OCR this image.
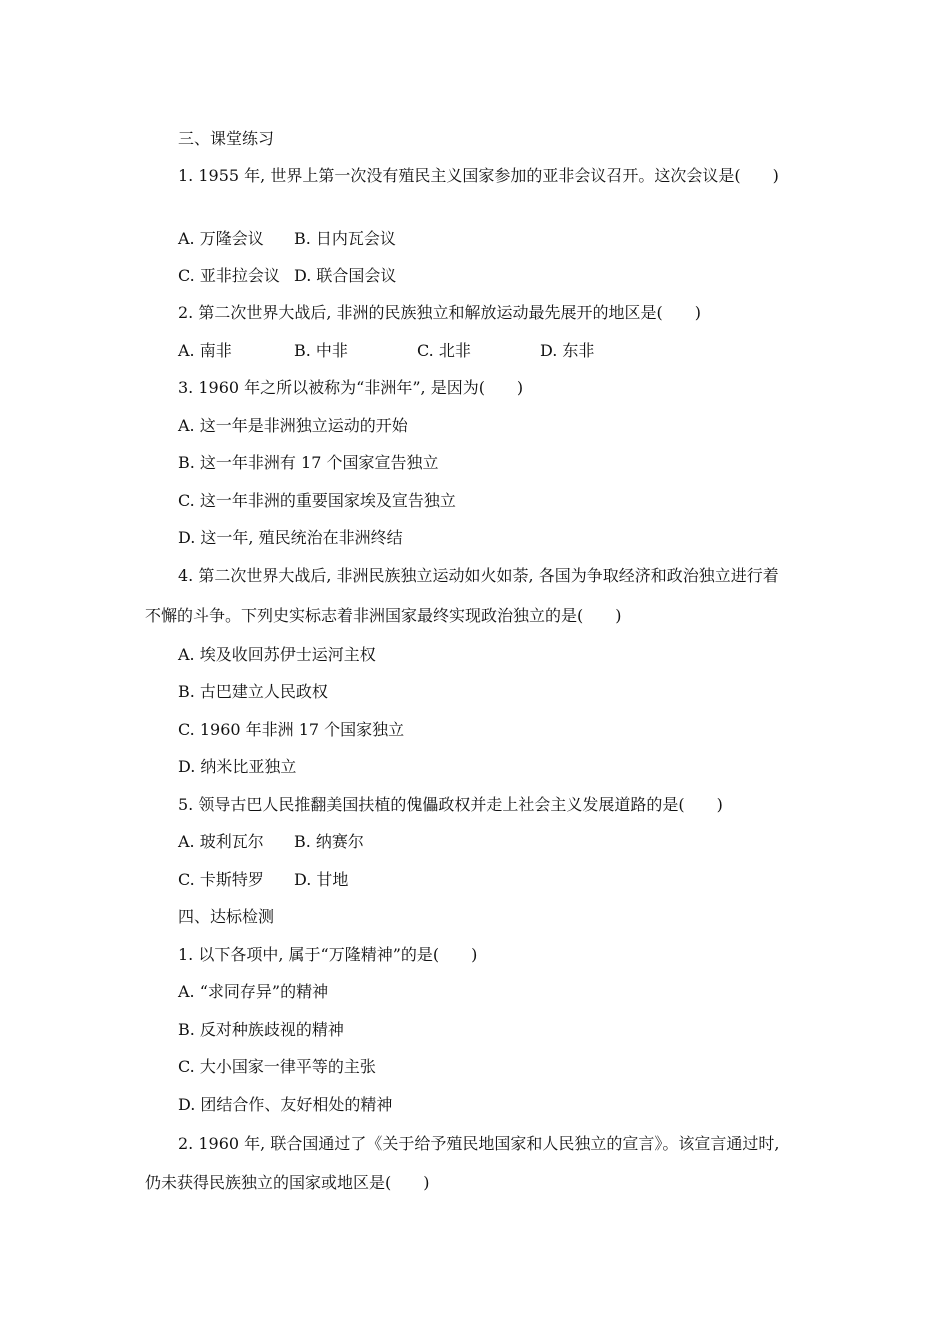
三、课堂练习
1. 1955 年, 世界上第一次没有殖民主义国家参加的亚非会议召开。这次会议是(　　)
A. 万隆会议 B. 日内瓦会议
C. 亚非拉会议 D. 联合国会议
2. 第二次世界大战后, 非洲的民族独立和解放运动最先展开的地区是(　　)
A. 南非	B. 中非	C. 北非	D. 东非
3. 1960 年之所以被称为“非洲年”, 是因为(　　)
A. 这一年是非洲独立运动的开始
B. 这一年非洲有 17 个国家宣告独立
C. 这一年非洲的重要国家埃及宣告独立
D. 这一年, 殖民统治在非洲终结
4. 第二次世界大战后, 非洲民族独立运动如火如荼, 各国为争取经济和政治独立进行着
不懈的斗争。下列史实标志着非洲国家最终实现政治独立的是(　　)
A. 埃及收回苏伊士运河主权
B. 古巴建立人民政权
C. 1960 年非洲 17 个国家独立
D. 纳米比亚独立
5. 领导古巴人民推翻美国扶植的傀儡政权并走上社会主义发展道路的是(　　)
A. 玻利瓦尔 B. 纳赛尔
C. 卡斯特罗 D. 甘地
四、达标检测
1. 以下各项中, 属于“万隆精神”的是(　　)
A. “求同存异”的精神
B. 反对种族歧视的精神
C. 大小国家一律平等的主张
D. 团结合作、友好相处的精神
2. 1960 年, 联合国通过了《关于给予殖民地国家和人民独立的宣言》。该宣言通过时,
仍未获得民族独立的国家或地区是(　　)
